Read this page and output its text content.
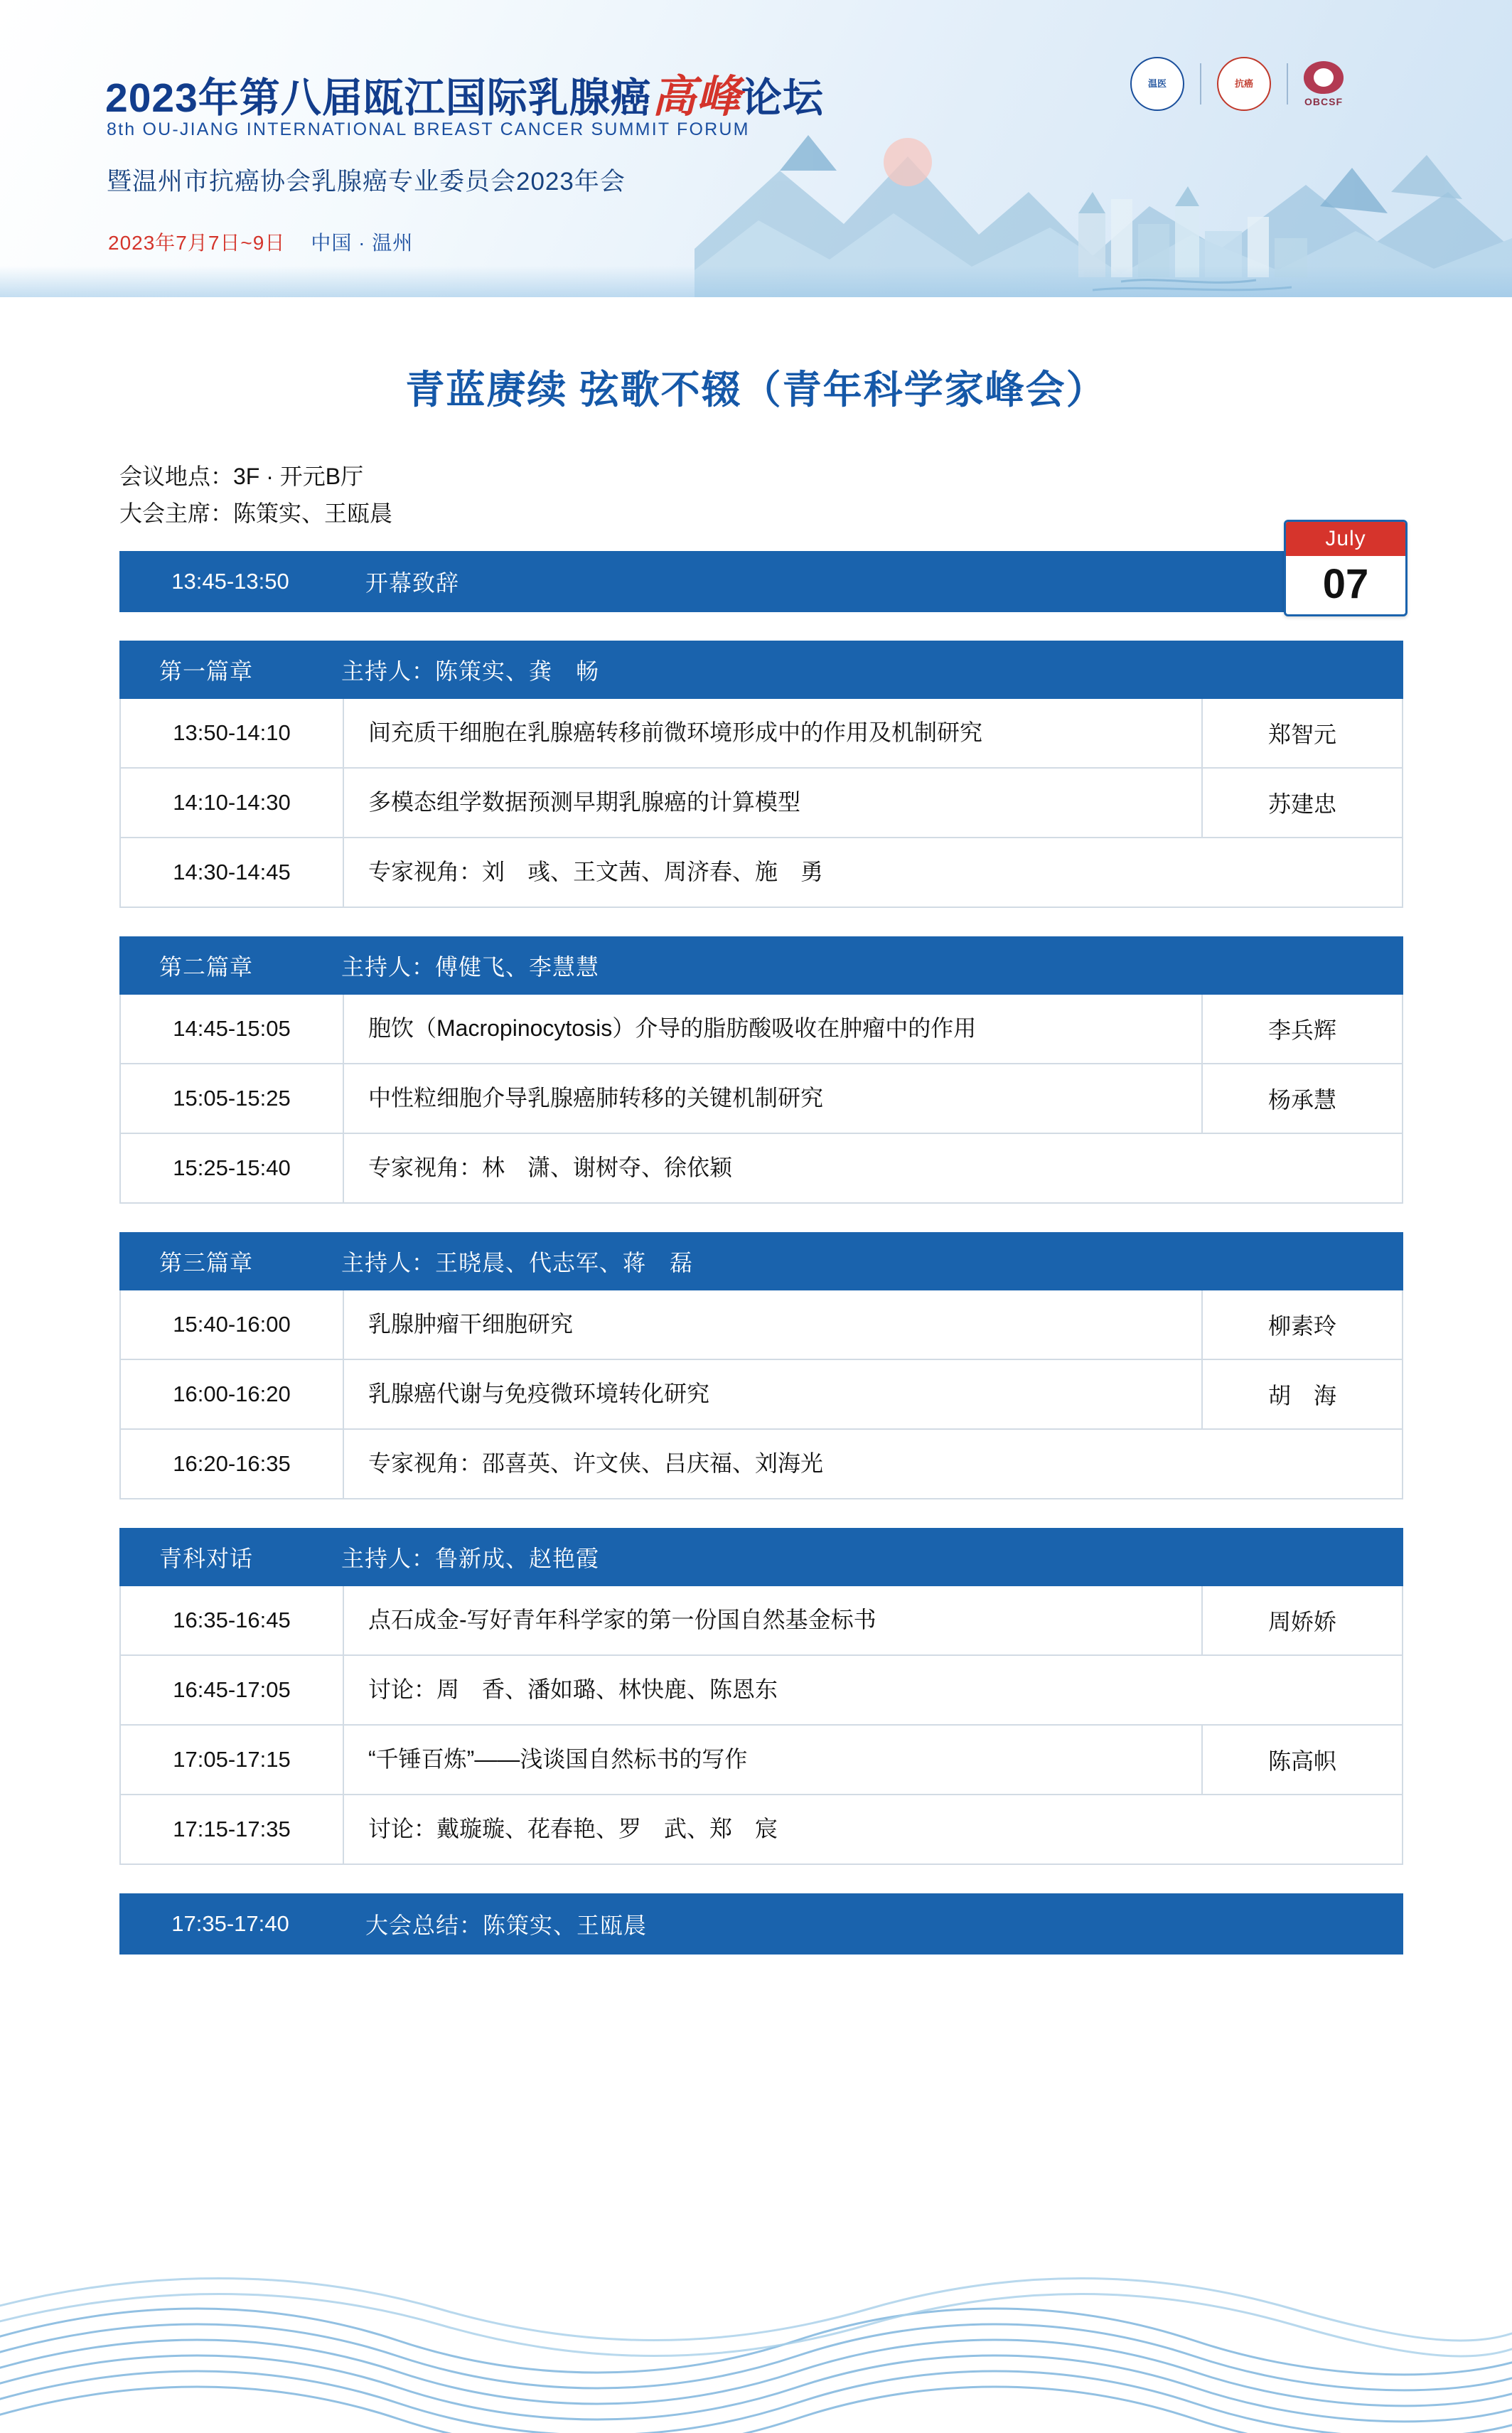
2023年第八届瓯江国际乳腺癌高峰论坛
8th OU-JIANG INTERNATIONAL BREAST CANCER SUMMIT FORUM
暨温州市抗癌协会乳腺癌专业委员会2023年会
2023年7月7日~9日 中国 · 温州
温医	抗癌
OBCSF
青蓝赓续 弦歌不辍（青年科学家峰会）
会议地点：3F · 开元B厅
大会主席：陈策实、王瓯晨
July
07
13:45-13:50	开幕致辞
第一篇章	主持人：陈策实、龚　畅
13:50-14:10	间充质干细胞在乳腺癌转移前微环境形成中的作用及机制研究	郑智元
14:10-14:30	多模态组学数据预测早期乳腺癌的计算模型	苏建忠
14:30-14:45	专家视角：刘　彧、王文茜、周济春、施　勇
第二篇章	主持人：傅健飞、李慧慧
14:45-15:05	胞饮（Macropinocytosis）介导的脂肪酸吸收在肿瘤中的作用	李兵辉
15:05-15:25	中性粒细胞介导乳腺癌肺转移的关键机制研究	杨承慧
15:25-15:40	专家视角：林　潇、谢树夺、徐依颖
第三篇章	主持人：王晓晨、代志军、蒋　磊
15:40-16:00	乳腺肿瘤干细胞研究	柳素玲
16:00-16:20	乳腺癌代谢与免疫微环境转化研究	胡　海
16:20-16:35	专家视角：邵喜英、许文侠、吕庆福、刘海光
青科对话	主持人：鲁新成、赵艳霞
16:35-16:45	点石成金-写好青年科学家的第一份国自然基金标书	周娇娇
16:45-17:05	讨论：周　香、潘如璐、林快鹿、陈恩东
17:05-17:15	“千锤百炼”——浅谈国自然标书的写作	陈高帜
17:15-17:35	讨论：戴璇璇、花春艳、罗　武、郑　宸
17:35-17:40	大会总结：陈策实、王瓯晨
